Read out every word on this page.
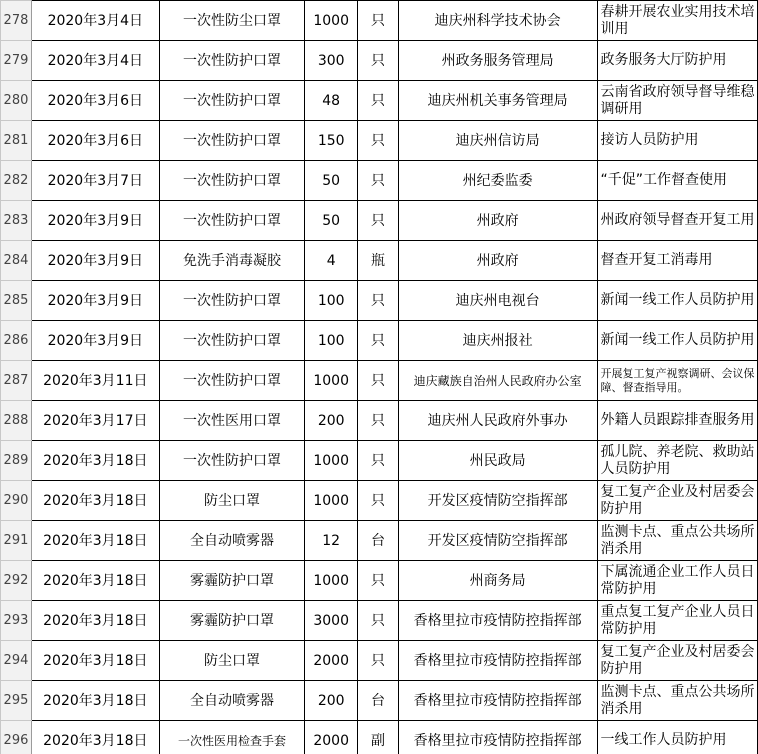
278	2020年3月4日	一次性防尘口罩	1000	只	迪庆州科学技术协会	春耕开展农业实用技术培训用
279	2020年3月4日	一次性防护口罩	300	只	州政务服务管理局	政务服务大厅防护用
280	2020年3月6日	一次性防护口罩	48	只	迪庆州机关事务管理局	云南省政府领导督导维稳调研用
281	2020年3月6日	一次性防护口罩	150	只	迪庆州信访局	接访人员防护用
282	2020年3月7日	一次性防护口罩	50	只	州纪委监委	“千促”工作督查使用
283	2020年3月9日	一次性防护口罩	50	只	州政府	州政府领导督查开复工用
284	2020年3月9日	免洗手消毒凝胶	4	瓶	州政府	督查开复工消毒用
285	2020年3月9日	一次性防护口罩	100	只	迪庆州电视台	新闻一线工作人员防护用
286	2020年3月9日	一次性防护口罩	100	只	迪庆州报社	新闻一线工作人员防护用
287	2020年3月11日	一次性防护口罩	1000	只	迪庆藏族自治州人民政府办公室	开展复工复产视察调研、会议保障、督查指导用。
288	2020年3月17日	一次性医用口罩	200	只	迪庆州人民政府外事办	外籍人员跟踪排查服务用
289	2020年3月18日	一次性防护口罩	1000	只	州民政局	孤儿院、养老院、救助站人员防护用
290	2020年3月18日	防尘口罩	1000	只	开发区疫情防空指挥部	复工复产企业及村居委会防护用
291	2020年3月18日	全自动喷雾器	12	台	开发区疫情防空指挥部	监测卡点、重点公共场所消杀用
292	2020年3月18日	雾霾防护口罩	1000	只	州商务局	下属流通企业工作人员日常防护用
293	2020年3月18日	雾霾防护口罩	3000	只	香格里拉市疫情防控指挥部	重点复工复产企业人员日常防护用
294	2020年3月18日	防尘口罩	2000	只	香格里拉市疫情防控指挥部	复工复产企业及村居委会防护用
295	2020年3月18日	全自动喷雾器	200	台	香格里拉市疫情防控指挥部	监测卡点、重点公共场所消杀用
296	2020年3月18日	一次性医用检查手套	2000	副	香格里拉市疫情防控指挥部	一线工作人员防护用
